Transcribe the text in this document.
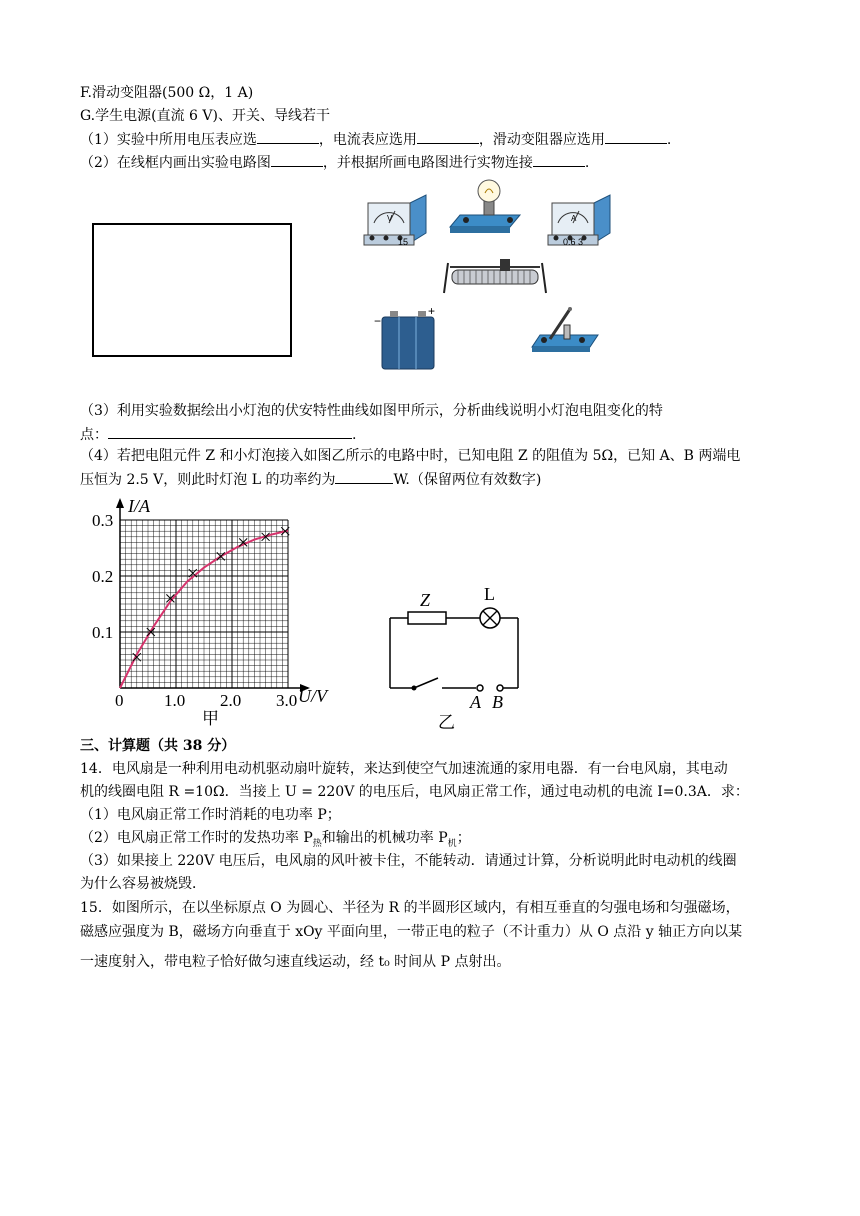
F.滑动变阻器(500 Ω，1 A)
G.学生电源(直流 6 V)、开关、导线若干
（1）实验中所用电压表应选	，电流表应选用	，滑动变阻器应选用	.
（2）在线框内画出实验电路图	，并根据所画电路图进行实物连接	.
V
15
A
0.6 3
−
+
（3）利用实验数据绘出小灯泡的伏安特性曲线如图甲所示，分析曲线说明小灯泡电阻变化的特
点：	.
（4）若把电阻元件 Z 和小灯泡接入如图乙所示的电路中时，已知电阻 Z 的阻值为 5Ω，已知 A、B 两端电
压恒为 2.5 V，则此时灯泡 L 的功率约为	W.（保留两位有效数字)
I/A
U/V
0 1.0 2.0 3.0
0.1
0.2
0.3
甲
Z	L
A B
乙
三、计算题（共 38 分）
14．电风扇是一种利用电动机驱动扇叶旋转，来达到使空气加速流通的家用电器．有一台电风扇，其电动
机的线圈电阻 R =10Ω．当接上 U = 220V 的电压后，电风扇正常工作，通过电动机的电流 I=0.3A．求：
（1）电风扇正常工作时消耗的电功率 P；
（2）电风扇正常工作时的发热功率 $P_热$和输出的机械功率 $P_机$；
（3）如果接上 220V 电压后，电风扇的风叶被卡住，不能转动．请通过计算，分析说明此时电动机的线圈
为什么容易被烧毁．
15．如图所示，在以坐标原点 O 为圆心、半径为 R 的半圆形区域内，有相互垂直的匀强电场和匀强磁场，
磁感应强度为 B，磁场方向垂直于 xOy 平面向里，一带正电的粒子（不计重力）从 O 点沿 y 轴正方向以某
一速度射入，带电粒子恰好做匀速直线运动，经 t₀ 时间从 P 点射出。
